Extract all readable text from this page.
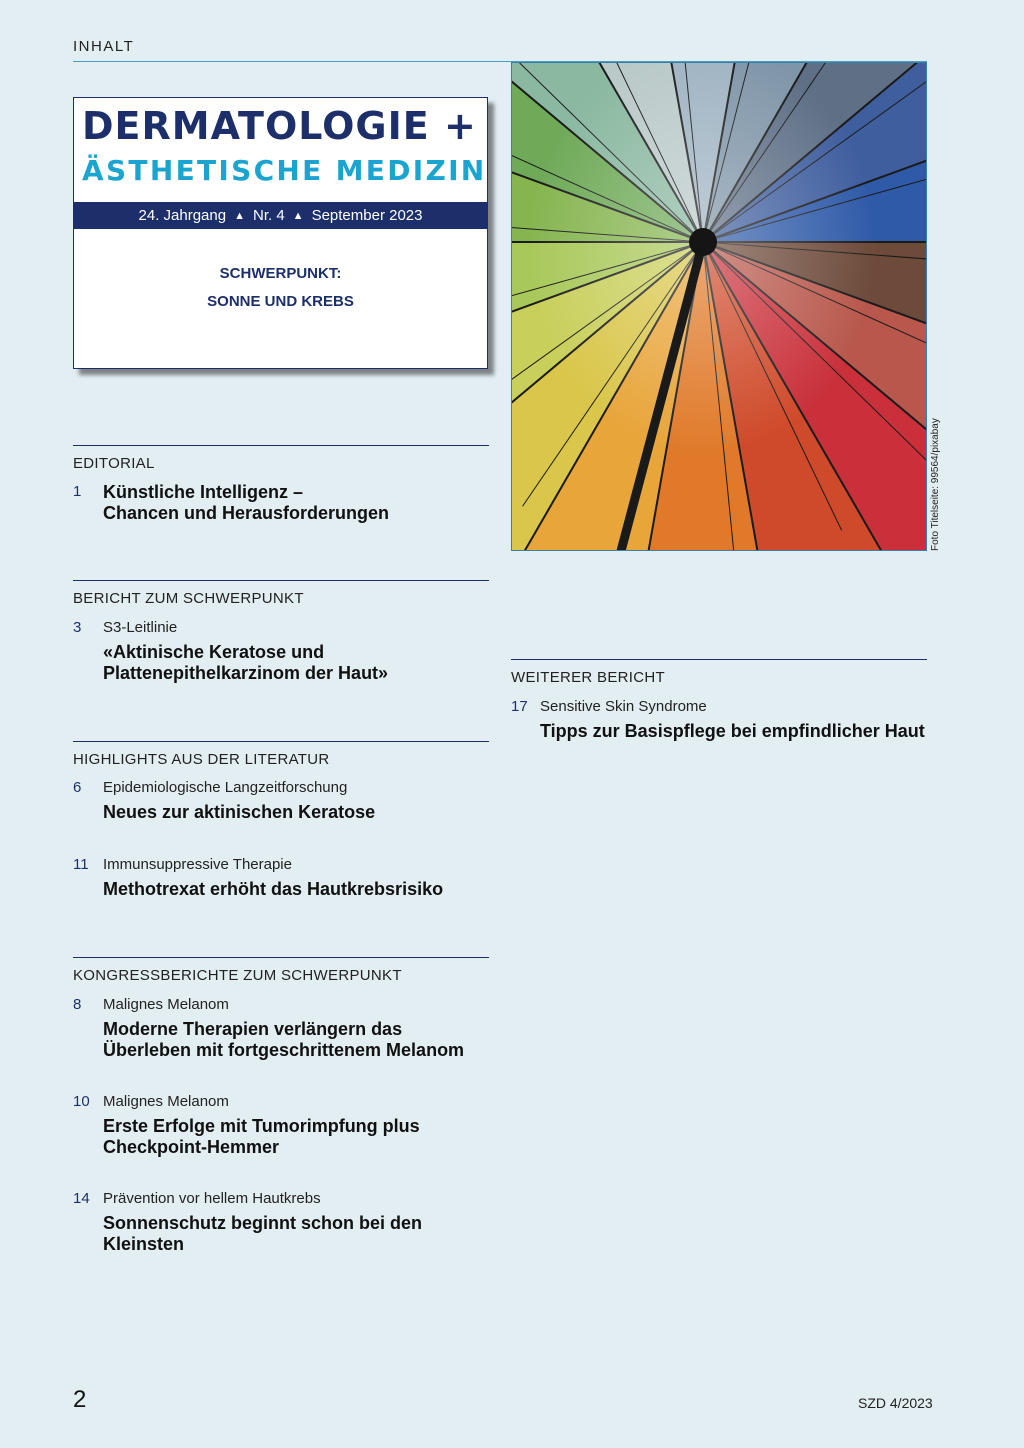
INHALT
DERMATOLOGIE +
ÄSTHETISCHE MEDIZIN
24. Jahrgang ▲ Nr. 4 ▲ September 2023
SCHWERPUNKT:
SONNE UND KREBS
Foto Titelseite: 99564/pixabay
EDITORIAL
1 Künstliche Intelligenz –
Chancen und Herausforderungen
BERICHT ZUM SCHWERPUNKT
3 S3-Leitlinie
«Aktinische Keratose und
Plattenepithelkarzinom der Haut»
HIGHLIGHTS AUS DER LITERATUR
6 Epidemiologische Langzeitforschung
Neues zur aktinischen Keratose
11 Immunsuppressive Therapie
Methotrexat erhöht das Hautkrebsrisiko
KONGRESSBERICHTE ZUM SCHWERPUNKT
8 Malignes Melanom
Moderne Therapien verlängern das
Überleben mit fortgeschrittenem Melanom
10 Malignes Melanom
Erste Erfolge mit Tumorimpfung plus
Checkpoint-Hemmer
14 Prävention vor hellem Hautkrebs
Sonnenschutz beginnt schon bei den
Kleinsten
WEITERER BERICHT
17 Sensitive Skin Syndrome
Tipps zur Basispflege bei empfindlicher Haut
2	SZD 4/2023
